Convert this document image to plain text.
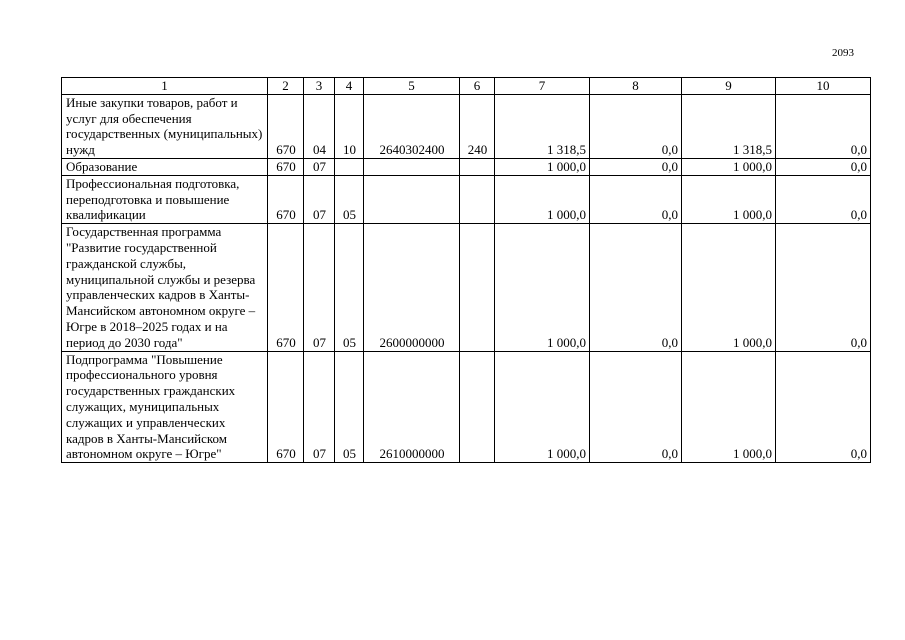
2093
1	2	3	4	5	6	7	8	9	10
Иные закупки товаров, работ и услуг для обеспечения государственных (муниципальных) нужд	670	04	10	2640302400	240	1 318,5	0,0	1 318,5	0,0
Образование	670	07				1 000,0	0,0	1 000,0	0,0
Профессиональная подготовка, переподготовка и повышение квалификации	670	07	05			1 000,0	0,0	1 000,0	0,0
Государственная программа "Развитие государственной гражданской службы, муниципальной службы и резерва управленческих кадров в Ханты-Мансийском автономном округе – Югре в 2018–2025 годах и на период до 2030 года"	670	07	05	2600000000		1 000,0	0,0	1 000,0	0,0
Подпрограмма "Повышение профессионального уровня государственных гражданских служащих, муниципальных служащих и управленческих кадров в Ханты-Мансийском автономном округе – Югре"	670	07	05	2610000000		1 000,0	0,0	1 000,0	0,0
